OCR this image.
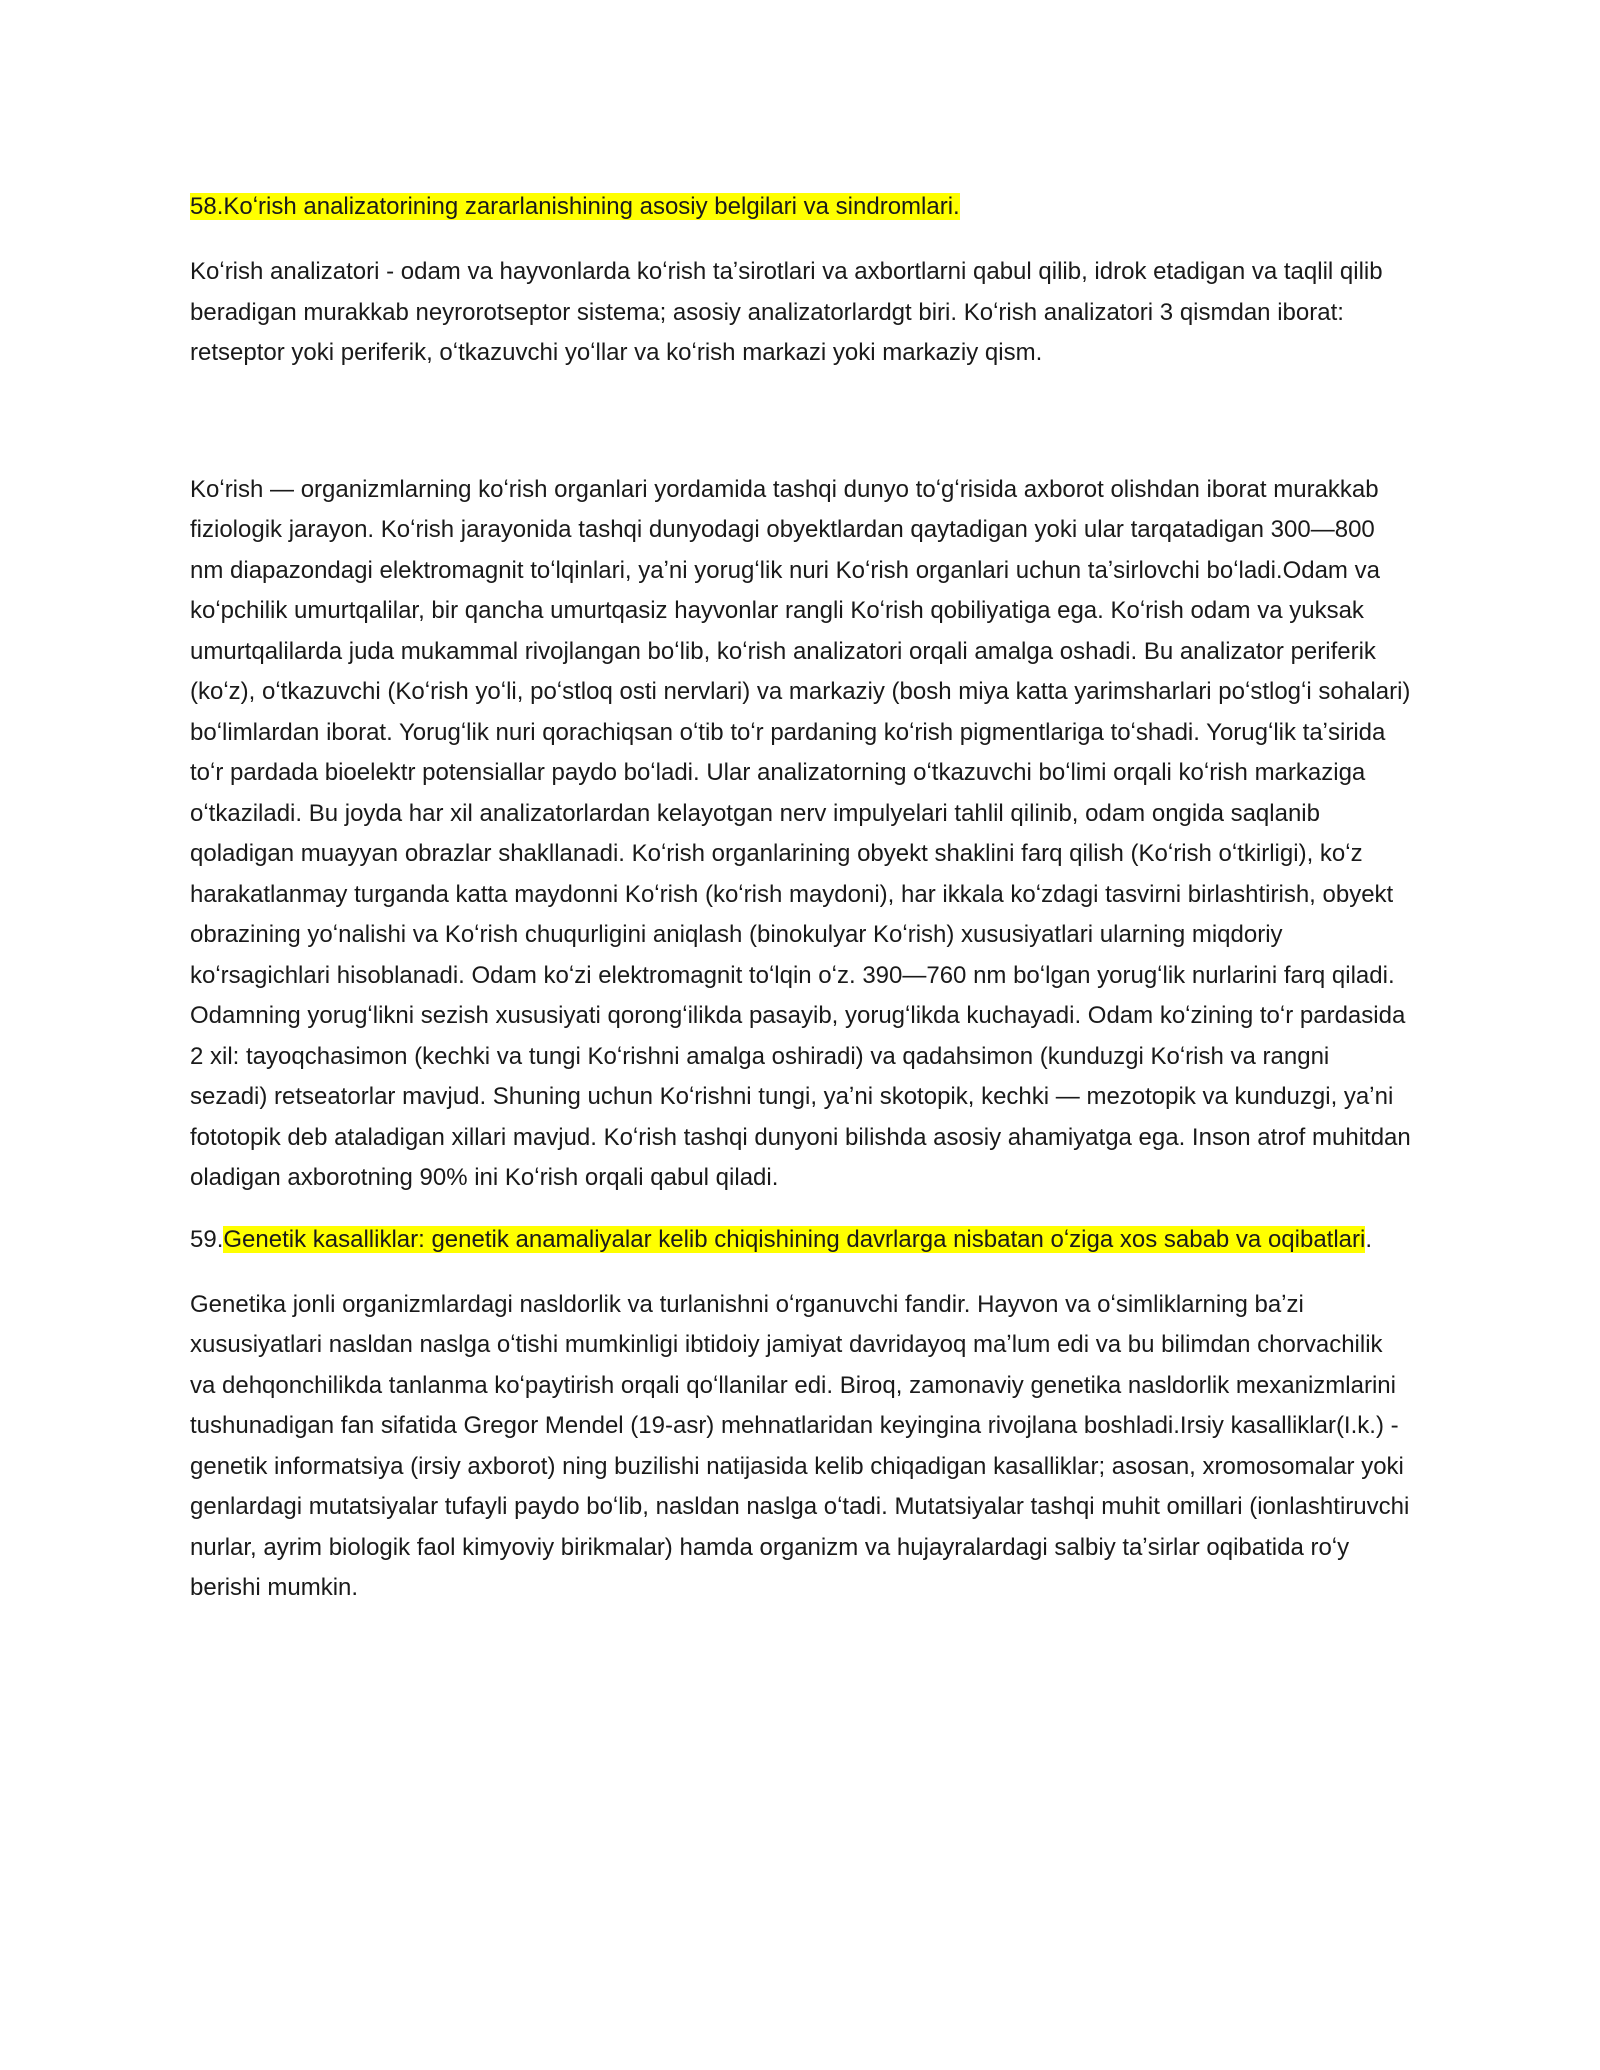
58.Koʻrish analizatorining zararlanishining asosiy belgilari va sindromlari.

Koʻrish analizatori - odam va hayvonlarda koʻrish taʼsirotlari va axbortlarni qabul qilib, idrok etadigan va taqlil qilib beradigan murakkab neyrorotseptor sistema; asosiy analizatorlardgt biri. Koʻrish analizatori 3 qismdan iborat: retseptor yoki periferik, oʻtkazuvchi yoʻllar va koʻrish markazi yoki markaziy qism.

Koʻrish — organizmlarning koʻrish organlari yordamida tashqi dunyo toʻgʻrisida axborot olishdan iborat murakkab fiziologik jarayon. Koʻrish jarayonida tashqi dunyodagi obyektlardan qaytadigan yoki ular tarqatadigan 300—800 nm diapazondagi elektromagnit toʻlqinlari, yaʼni yorugʻlik nuri Koʻrish organlari uchun taʼsirlovchi boʻladi.Odam va koʻpchilik umurtqalilar, bir qancha umurtqasiz hayvonlar rangli Koʻrish qobiliyatiga ega. Koʻrish odam va yuksak umurtqalilarda juda mukammal rivojlangan boʻlib, koʻrish analizatori orqali amalga oshadi. Bu analizator periferik (koʻz), oʻtkazuvchi (Koʻrish yoʻli, poʻstloq osti nervlari) va markaziy (bosh miya katta yarimsharlari poʻstlogʻi sohalari) boʻlimlardan iborat. Yorugʻlik nuri qorachiqsan oʻtib toʻr pardaning koʻrish pigmentlariga toʻshadi. Yorugʻlik taʼsirida toʻr pardada bioelektr potensiallar paydo boʻladi. Ular analizatorning oʻtkazuvchi boʻlimi orqali koʻrish markaziga oʻtkaziladi. Bu joyda har xil analizatorlardan kelayotgan nerv impulyelari tahlil qilinib, odam ongida saqlanib qoladigan muayyan obrazlar shakllanadi. Koʻrish organlarining obyekt shaklini farq qilish (Koʻrish oʻtkirligi), koʻz harakatlanmay turganda katta maydonni Koʻrish (koʻrish maydoni), har ikkala koʻzdagi tasvirni birlashtirish, obyekt obrazining yoʻnalishi va Koʻrish chuqurligini aniqlash (binokulyar Koʻrish) xususiyatlari ularning miqdoriy koʻrsagichlari hisoblanadi. Odam koʻzi elektromagnit toʻlqin oʻz. 390—760 nm boʻlgan yorugʻlik nurlarini farq qiladi. Odamning yorugʻlikni sezish xususiyati qorongʻilikda pasayib, yorugʻlikda kuchayadi. Odam koʻzining toʻr pardasida 2 xil: tayoqchasimon (kechki va tungi Koʻrishni amalga oshiradi) va qadahsimon (kunduzgi Koʻrish va rangni sezadi) retseatorlar mavjud. Shuning uchun Koʻrishni tungi, yaʼni skotopik, kechki — mezotopik va kunduzgi, yaʼni fototopik deb ataladigan xillari mavjud. Koʻrish tashqi dunyoni bilishda asosiy ahamiyatga ega. Inson atrof muhitdan oladigan axborotning 90% ini Koʻrish orqali qabul qiladi.

59.Genetik kasalliklar: genetik anamaliyalar kelib chiqishining davrlarga nisbatan oʻziga xos sabab va oqibatlari.

Genetika jonli organizmlardagi nasldorlik va turlanishni oʻrganuvchi fandir. Hayvon va oʻsimliklarning baʼzi xususiyatlari nasldan naslga oʻtishi mumkinligi ibtidoiy jamiyat davridayoq maʼlum edi va bu bilimdan chorvachilik va dehqonchilikda tanlanma koʻpaytirish orqali qoʻllanilar edi. Biroq, zamonaviy genetika nasldorlik mexanizmlarini tushunadigan fan sifatida Gregor Mendel (19-asr) mehnatlaridan keyingina rivojlana boshladi.Irsiy kasalliklar(I.k.) - genetik informatsiya (irsiy axborot) ning buzilishi natijasida kelib chiqadigan kasalliklar; asosan, xromosomalar yoki genlardagi mutatsiyalar tufayli paydo boʻlib, nasldan naslga oʻtadi. Mutatsiyalar tashqi muhit omillari (ionlashtiruvchi nurlar, ayrim biologik faol kimyoviy birikmalar) hamda organizm va hujayralardagi salbiy taʼsirlar oqibatida roʻy berishi mumkin.
